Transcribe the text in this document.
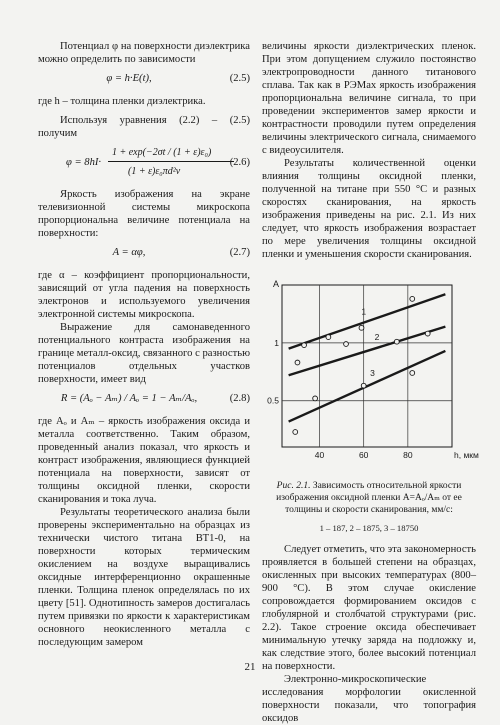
Потенциал φ на поверхности диэлектрика можно определить по зависимости

φ = h·E(t),	(2.5)

где h – толщина пленки диэлектрика.

Используя уравнения (2.2) – (2.5) получим

φ = 8hI·
1 + exp(−2σt / (1 + ε)ε₀)
(1 + ε)ε₀πd²v
(2.6)

Яркость изображения на экране телевизионной системы микроскопа пропорциональна величине потенциала на поверхности:

A = αφ,	(2.7)

где α – коэффициент пропорциональности, зависящий от угла падения на поверхность электронов и используемого увеличения электронной системы микроскопа.

Выражение для самонаведенного потенциального контраста изображения на границе металл-оксид, связанного с разностью потенциалов отдельных участков поверхности, имеет вид

R = (Aₒ − Aₘ) / Aₒ = 1 − Aₘ/Aₒ,	(2.8)

где Aₒ и Aₘ – яркость изображения оксида и металла соответственно. Таким образом, проведенный анализ показал, что яркость и контраст изображения, являющиеся функцией потенциала на поверхности, зависят от толщины оксидной пленки, скорости сканирования и тока луча.

Результаты теоретического анализа были проверены экспериментально на образцах из технически чистого титана ВТ1-0, на поверхности которых термическим окислением на воздухе выращивались оксидные интерференционно окрашенные пленки. Толщина пленок определялась по их цвету [51]. Однотипность замеров достигалась путем привязки по яркости к характеристикам основного неокисленного металла с последующим замером

величины яркости диэлектрических пленок. При этом допущением служило постоянство электропроводности данного титанового сплава. Так как в РЭМах яркость изображения пропорциональна величине сигнала, то при проведении экспериментов замер яркости и контрастности проводили путем определения величины электрического сигнала, снимаемого с видеоусилителя.

Результаты количественной оценки влияния толщины оксидной пленки, полученной на титане при 550 °С и разных скоростях сканирования, на яркость изображения приведены на рис. 2.1. Из них следует, что яркость изображения возрастает по мере увеличения толщины оксидной пленки и уменьшения скорости сканирования.

40	60	80
0.5
1
A
h, мкм
1
2
3

Рис. 2.1. Зависимость относительной яркости изображения оксидной пленки A=Aₒ/Aₘ от ее толщины и скорости сканирования, мм/с:

1 – 187, 2 – 1875, 3 – 18750

Следует отметить, что эта закономерность проявляется в большей степени на образцах, окисленных при высоких температурах (800–900 °С). В этом случае окисление сопровождается формированием оксидов с глобулярной и столбчатой структурами (рис. 2.2). Такое строение оксида обеспечивает минимальную утечку заряда на подложку и, как следствие этого, более высокий потенциал на поверхности.

Электронно-микроскопические исследования морфологии окисленной поверхности показали, что топография оксидов

21
